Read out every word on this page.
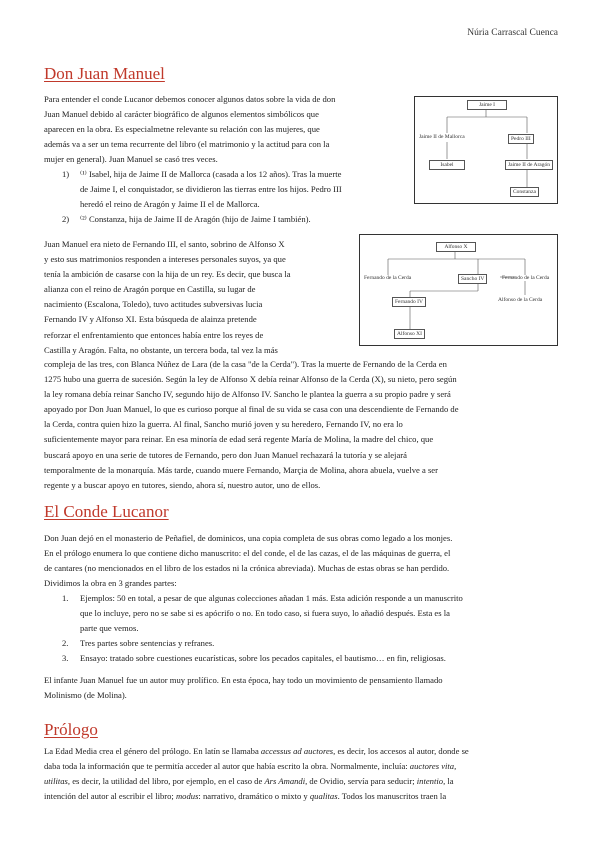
Núria Carrascal Cuenca
Don Juan Manuel
Para entender el conde Lucanor debemos conocer algunos datos sobre la vida de don
Juan Manuel debido al carácter biográfico de algunos elementos simbólicos que
aparecen en la obra. Es especialmetne relevante su relación con las mujeres, que
además va a ser un tema recurrente del libro (el matrimonio y la actitud para con la
mujer en general). Juan Manuel se casó tres veces.
1) ⁽¹⁾ Isabel, hija de Jaime II de Mallorca (casada a los 12 años). Tras la muerte
de Jaime I, el conquistador, se dividieron las tierras entre los hijos. Pedro III
heredó el reino de Aragón y Jaime II el de Mallorca.
2) ⁽²⁾ Constanza, hija de Jaime II de Aragón (hijo de Jaime I también).
Juan Manuel era nieto de Fernando III, el santo, sobrino de Alfonso X
y esto sus matrimonios responden a intereses personales suyos, ya que
tenía la ambición de casarse con la hija de un rey. Es decir, que busca la
alianza con el reino de Aragón porque en Castilla, su lugar de
nacimiento (Escalona, Toledo), tuvo actitudes subversivas lucia
Fernando IV y Alfonso XI. Esta búsqueda de alainza pretende
reforzar el enfrentamiento que entonces había entre los reyes de
Castilla y Aragón. Falta, no obstante, un tercera boda, tal vez la más
compleja de las tres, con Blanca Núñez de Lara (de la casa "de la Cerda"). Tras la muerte de Fernando de la Cerda en
1275 hubo una guerra de sucesión. Según la ley de Alfonso X debía reinar Alfonso de la Cerda (X), su nieto, pero según
la ley romana debía reinar Sancho IV, segundo hijo de Alfonso IV. Sancho le plantea la guerra a su propio padre y será
apoyado por Don Juan Manuel, lo que es curioso porque al final de su vida se casa con una descendiente de Fernando de
la Cerda, contra quien hizo la guerra. Al final, Sancho murió joven y su heredero, Fernando IV, no era lo
suficientemente mayor para reinar. En esa minoría de edad será regente María de Molina, la madre del chico, que
buscará apoyo en una serie de tutores de Fernando, pero don Juan Manuel rechazará la tutoría y se alejará
temporalmente de la monarquía. Más tarde, cuando muere Fernando, Marçia de Molina, ahora abuela, vuelve a ser
regente y a buscar apoyo en tutores, siendo, ahora sí, nuestro autor, uno de ellos.
Jaime I
Jaime II de Mallorca	Pedro III
Isabel	Jaime II de Aragón
Constanza
Alfonso X
Fernando de la Cerda	Sancho IV	Fernando de la Cerda
Fernando IV	Alfonso de la Cerda
Alfonso XI
El Conde Lucanor
Don Juan dejó en el monasterio de Peñafiel, de dominicos, una copia completa de sus obras como legado a los monjes.
En el prólogo enumera lo que contiene dicho manuscrito: el del conde, el de las cazas, el de las máquinas de guerra, el
de cantares (no mencionados en el libro de los estados ni la crónica abreviada). Muchas de estas obras se han perdido.
Dividimos la obra en 3 grandes partes:
1. Ejemplos: 50 en total, a pesar de que algunas colecciones añadan 1 más. Esta adición responde a un manuscrito
que lo incluye, pero no se sabe si es apócrifo o no. En todo caso, si fuera suyo, lo añadió después. Esta es la
parte que vemos.
2. Tres partes sobre sentencias y refranes.
3. Ensayo: tratado sobre cuestiones eucarísticas, sobre los pecados capitales, el bautismo… en fin, religiosas.
El infante Juan Manuel fue un autor muy prolífico. En esta época, hay todo un movimiento de pensamiento llamado
Molinismo (de Molina).
Prólogo
La Edad Media crea el género del prólogo. En latín se llamaba accessus ad auctores, es decir, los accesos al autor, donde se
daba toda la información que te permitía acceder al autor que había escrito la obra. Normalmente, incluía: auctores vita,
utilitas, es decir, la utilidad del libro, por ejemplo, en el caso de Ars Amandi, de Ovidio, servía para seducir; intentio, la
intención del autor al escribir el libro; modus: narrativo, dramático o mixto y qualitas. Todos los manuscritos traen la
